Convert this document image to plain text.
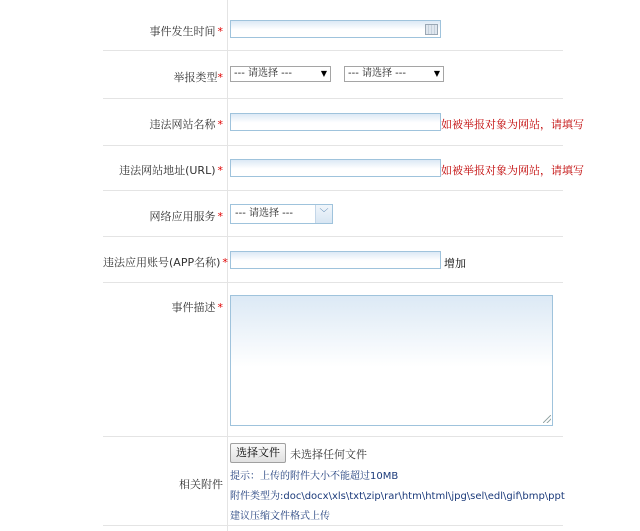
事件发生时间 *
举报类型*	--- 请选择 ---	▼	--- 请选择 ---	▼
违法网站名称 *	如被举报对象为网站，请填写
违法网站地址(URL) *	如被举报对象为网站，请填写
网络应用服务 *	--- 请选择 ---	﹀
违法应用账号(APP名称) *	增加
事件描述 *
相关附件
选择文件 未选择任何文件
提示：上传的附件大小不能超过10MB
附件类型为:doc\docx\xls\txt\zip\rar\htm\html\jpg\sel\edl\gif\bmp\ppt
建议压缩文件格式上传
